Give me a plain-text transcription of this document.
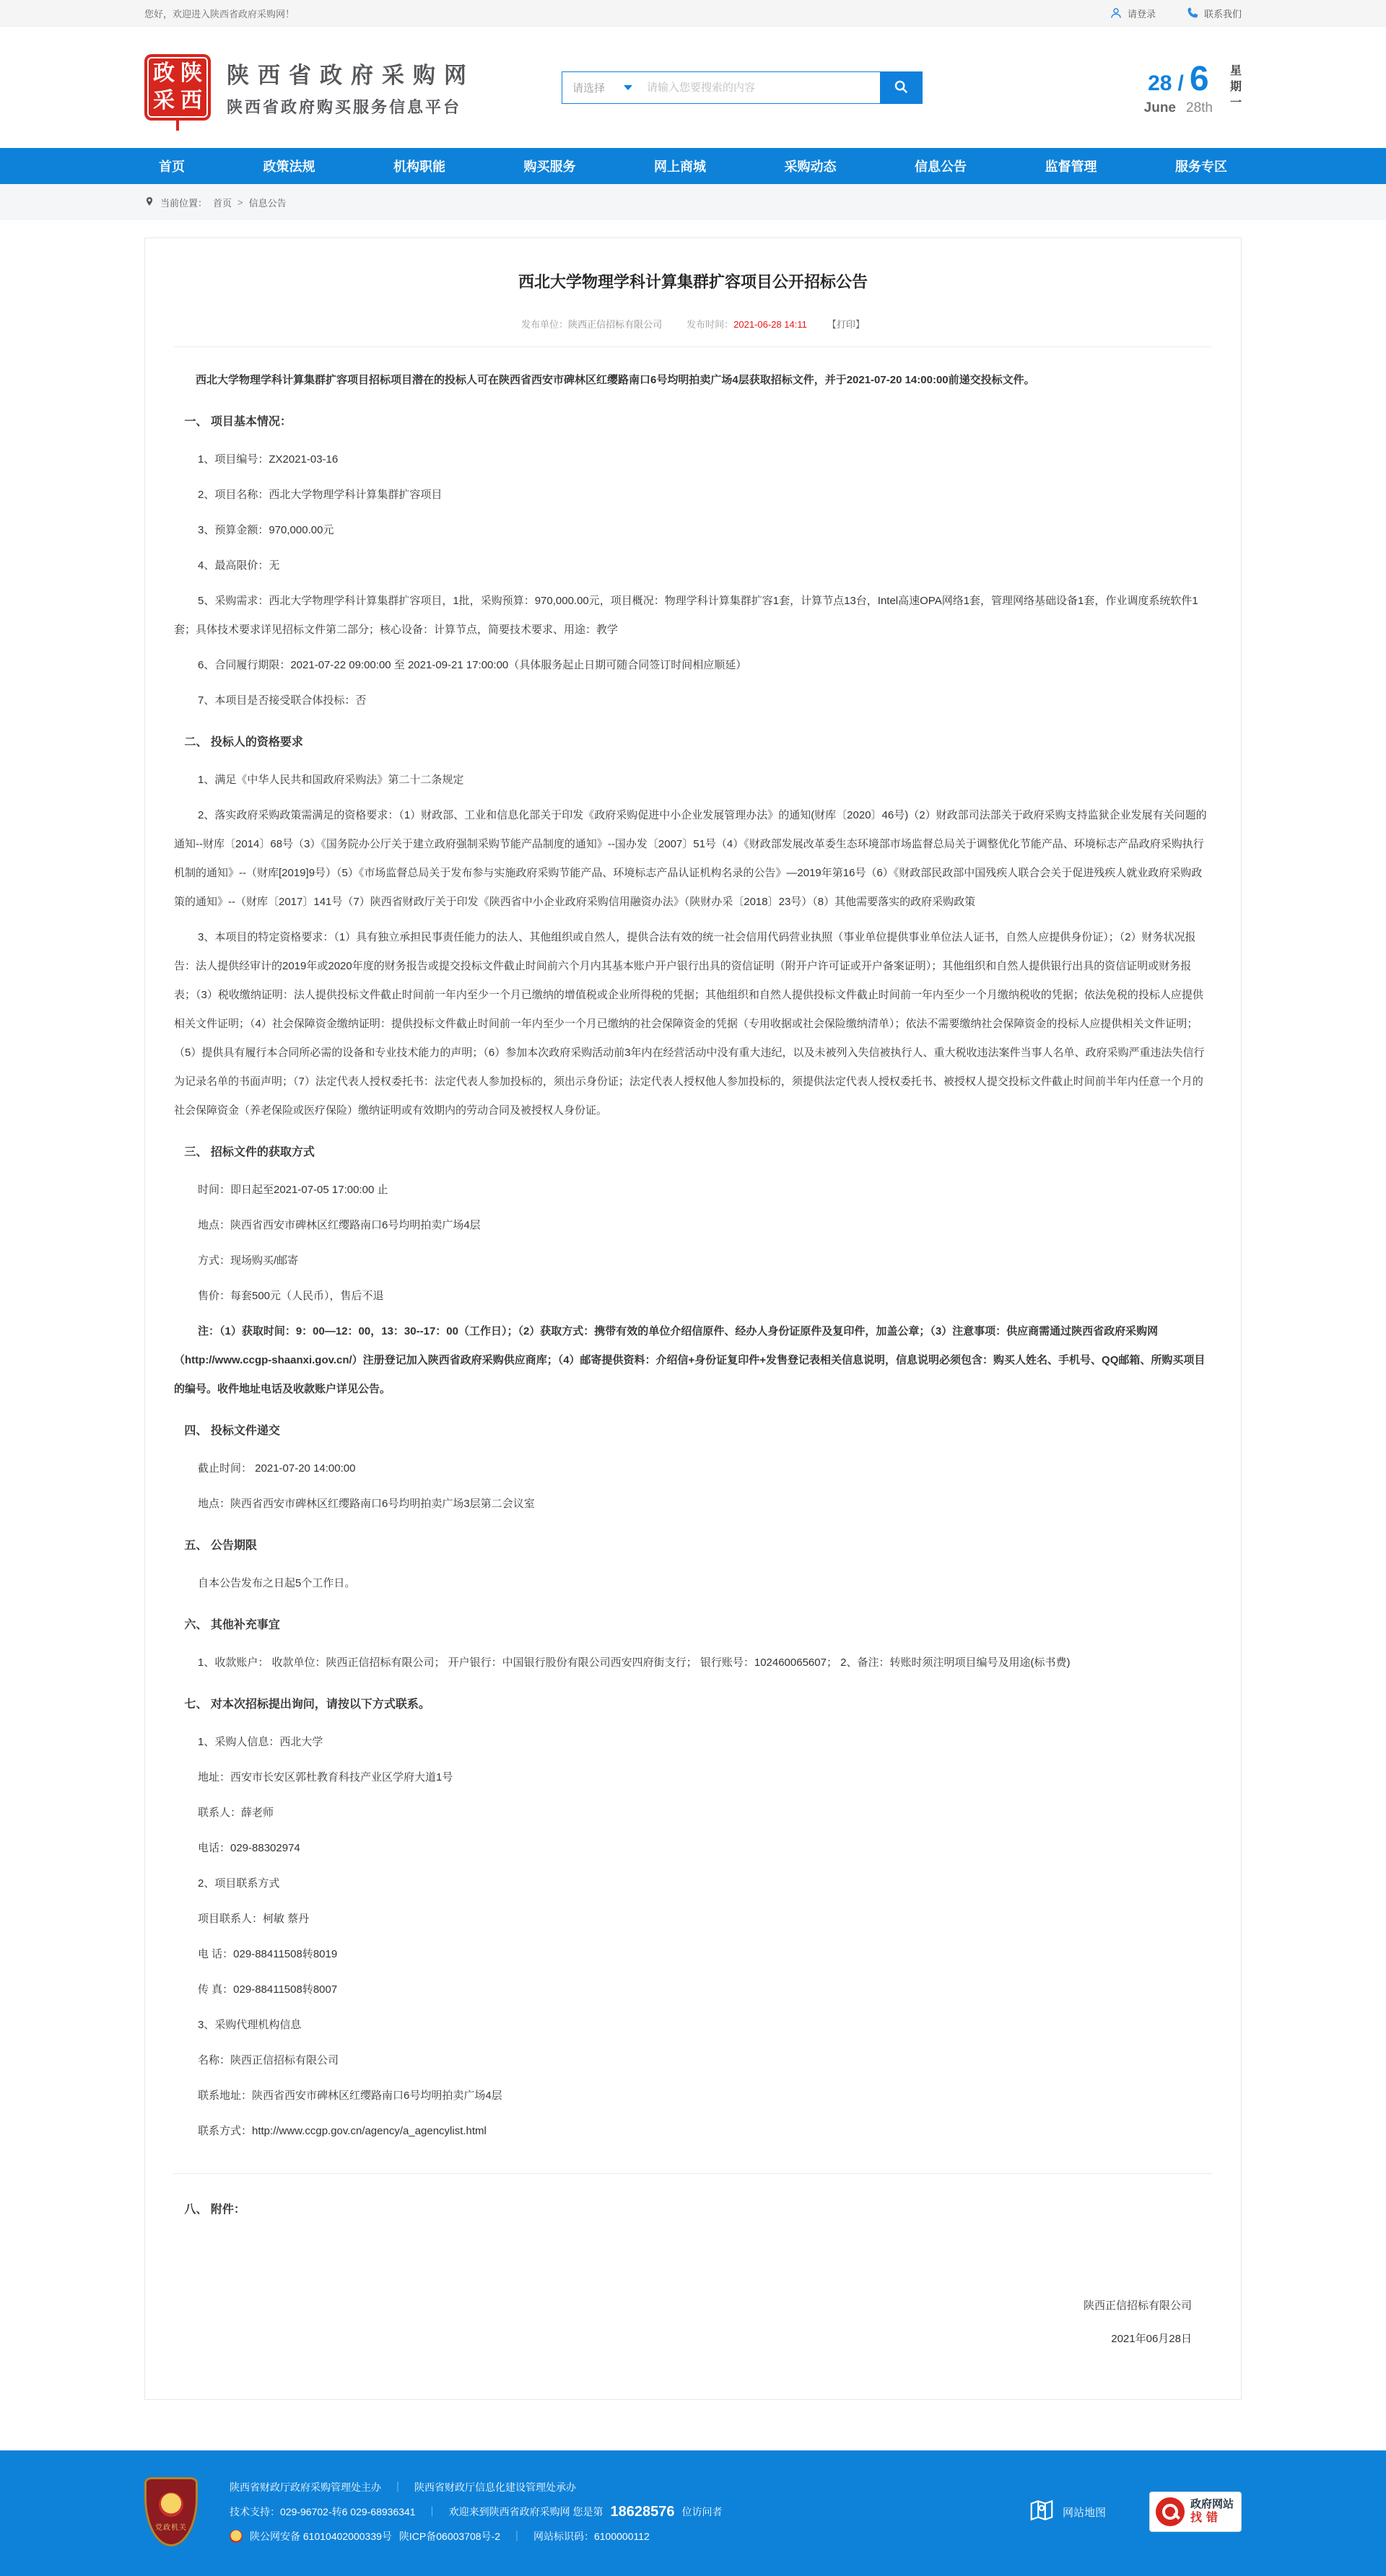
您好，欢迎进入陕西省政府采购网！	请登录	联系我们
政 陕
采 西
陕西省政府采购网
陕西省政府购买服务信息平台
请选择
请输入您要搜索的内容	28 / 6
June 28th
星
期
一
首页	政策法规	机构职能	购买服务	网上商城	采购动态	信息公告	监督管理	服务专区
当前位置： 首页 > 信息公告
西北大学物理学科计算集群扩容项目公开招标公告
发布单位：陕西正信招标有限公司	发布时间：2021-06-28 14:11 【打印】
西北大学物理学科计算集群扩容项目招标项目潜在的投标人可在陕西省西安市碑林区红缨路南口6号均明拍卖广场4层获取招标文件，并于2021-07-20 14:00:00前递交投标文件。
一、 项目基本情况：
1、项目编号：ZX2021-03-16
2、项目名称：西北大学物理学科计算集群扩容项目
3、预算金额：970,000.00元
4、最高限价：无
5、采购需求：西北大学物理学科计算集群扩容项目，1批，采购预算：970,000.00元，项目概况：物理学科计算集群扩容1套，计算节点13台，Intel高速OPA网络1套，管理网络基础设备1套，作业调度系统软件1套；具体技术要求详见招标文件第二部分；核心设备：计算节点，简要技术要求、用途：教学
6、合同履行期限：2021-07-22 09:00:00 至 2021-09-21 17:00:00（具体服务起止日期可随合同签订时间相应顺延）
7、本项目是否接受联合体投标：否
二、 投标人的资格要求
1、满足《中华人民共和国政府采购法》第二十二条规定
2、落实政府采购政策需满足的资格要求：（1）财政部、工业和信息化部关于印发《政府采购促进中小企业发展管理办法》的通知(财库〔2020〕46号)（2）财政部司法部关于政府采购支持监狱企业发展有关问题的通知--财库〔2014〕68号（3）《国务院办公厅关于建立政府强制采购节能产品制度的通知》--国办发〔2007〕51号（4）《财政部发展改革委生态环境部市场监督总局关于调整优化节能产品、环境标志产品政府采购执行机制的通知》--（财库[2019]9号）（5）《市场监督总局关于发布参与实施政府采购节能产品、环境标志产品认证机构名录的公告》—2019年第16号（6）《财政部民政部中国残疾人联合会关于促进残疾人就业政府采购政策的通知》--（财库〔2017〕141号（7）陕西省财政厅关于印发《陕西省中小企业政府采购信用融资办法》（陕财办采〔2018〕23号）（8）其他需要落实的政府采购政策
3、本项目的特定资格要求：（1）具有独立承担民事责任能力的法人、其他组织或自然人，提供合法有效的统一社会信用代码营业执照（事业单位提供事业单位法人证书，自然人应提供身份证）；（2）财务状况报告：法人提供经审计的2019年或2020年度的财务报告或提交投标文件截止时间前六个月内其基本账户开户银行出具的资信证明（附开户许可证或开户备案证明）；其他组织和自然人提供银行出具的资信证明或财务报表；（3）税收缴纳证明：法人提供投标文件截止时间前一年内至少一个月已缴纳的增值税或企业所得税的凭据；其他组织和自然人提供投标文件截止时间前一年内至少一个月缴纳税收的凭据；依法免税的投标人应提供相关文件证明；（4）社会保障资金缴纳证明：提供投标文件截止时间前一年内至少一个月已缴纳的社会保障资金的凭据（专用收据或社会保险缴纳清单）；依法不需要缴纳社会保障资金的投标人应提供相关文件证明；（5）提供具有履行本合同所必需的设备和专业技术能力的声明；（6）参加本次政府采购活动前3年内在经营活动中没有重大违纪，以及未被列入失信被执行人、重大税收违法案件当事人名单、政府采购严重违法失信行为记录名单的书面声明；（7）法定代表人授权委托书：法定代表人参加投标的，须出示身份证；法定代表人授权他人参加投标的，须提供法定代表人授权委托书、被授权人提交投标文件截止时间前半年内任意一个月的社会保障资金（养老保险或医疗保险）缴纳证明或有效期内的劳动合同及被授权人身份证。
三、 招标文件的获取方式
时间：即日起至2021-07-05 17:00:00 止
地点：陕西省西安市碑林区红缨路南口6号均明拍卖广场4层
方式：现场购买/邮寄
售价：每套500元（人民币），售后不退
注：（1）获取时间：9：00—12：00，13：30--17：00（工作日）；（2）获取方式：携带有效的单位介绍信原件、经办人身份证原件及复印件，加盖公章；（3）注意事项：供应商需通过陕西省政府采购网（http://www.ccgp-shaanxi.gov.cn/）注册登记加入陕西省政府采购供应商库；（4）邮寄提供资料：介绍信+身份证复印件+发售登记表相关信息说明，信息说明必须包含：购买人姓名、手机号、QQ邮箱、所购买项目的编号。收件地址电话及收款账户详见公告。
四、 投标文件递交
截止时间： 2021-07-20 14:00:00
地点：陕西省西安市碑林区红缨路南口6号均明拍卖广场3层第二会议室
五、 公告期限
自本公告发布之日起5个工作日。
六、 其他补充事宜
1、收款账户： 收款单位：陕西正信招标有限公司； 开户银行：中国银行股份有限公司西安四府街支行； 银行账号：102460065607； 2、备注：转账时须注明项目编号及用途(标书费)
七、 对本次招标提出询问，请按以下方式联系。
1、采购人信息：西北大学
地址：西安市长安区郭杜教育科技产业区学府大道1号
联系人：薛老师
电话：029-88302974
2、项目联系方式
项目联系人：柯敏 蔡丹
电 话：029-88411508转8019
传 真：029-88411508转8007
3、采购代理机构信息
名称：陕西正信招标有限公司
联系地址：陕西省西安市碑林区红缨路南口6号均明拍卖广场4层
联系方式：http://www.ccgp.gov.cn/agency/a_agencylist.html
八、 附件：
陕西正信招标有限公司
2021年06月28日
党政机关
陕西省财政厅政府采购管理处主办	｜	陕西省财政厅信息化建设管理处承办
技术支持：029-96702-转6 029-68936341	｜	欢迎来到陕西省政府采购网 您是第 18628576 位访问者
陕公网安备 61010402000339号 陕ICP备06003708号-2	｜	网站标识码：6100000112
网站地图
政府网站
找错
